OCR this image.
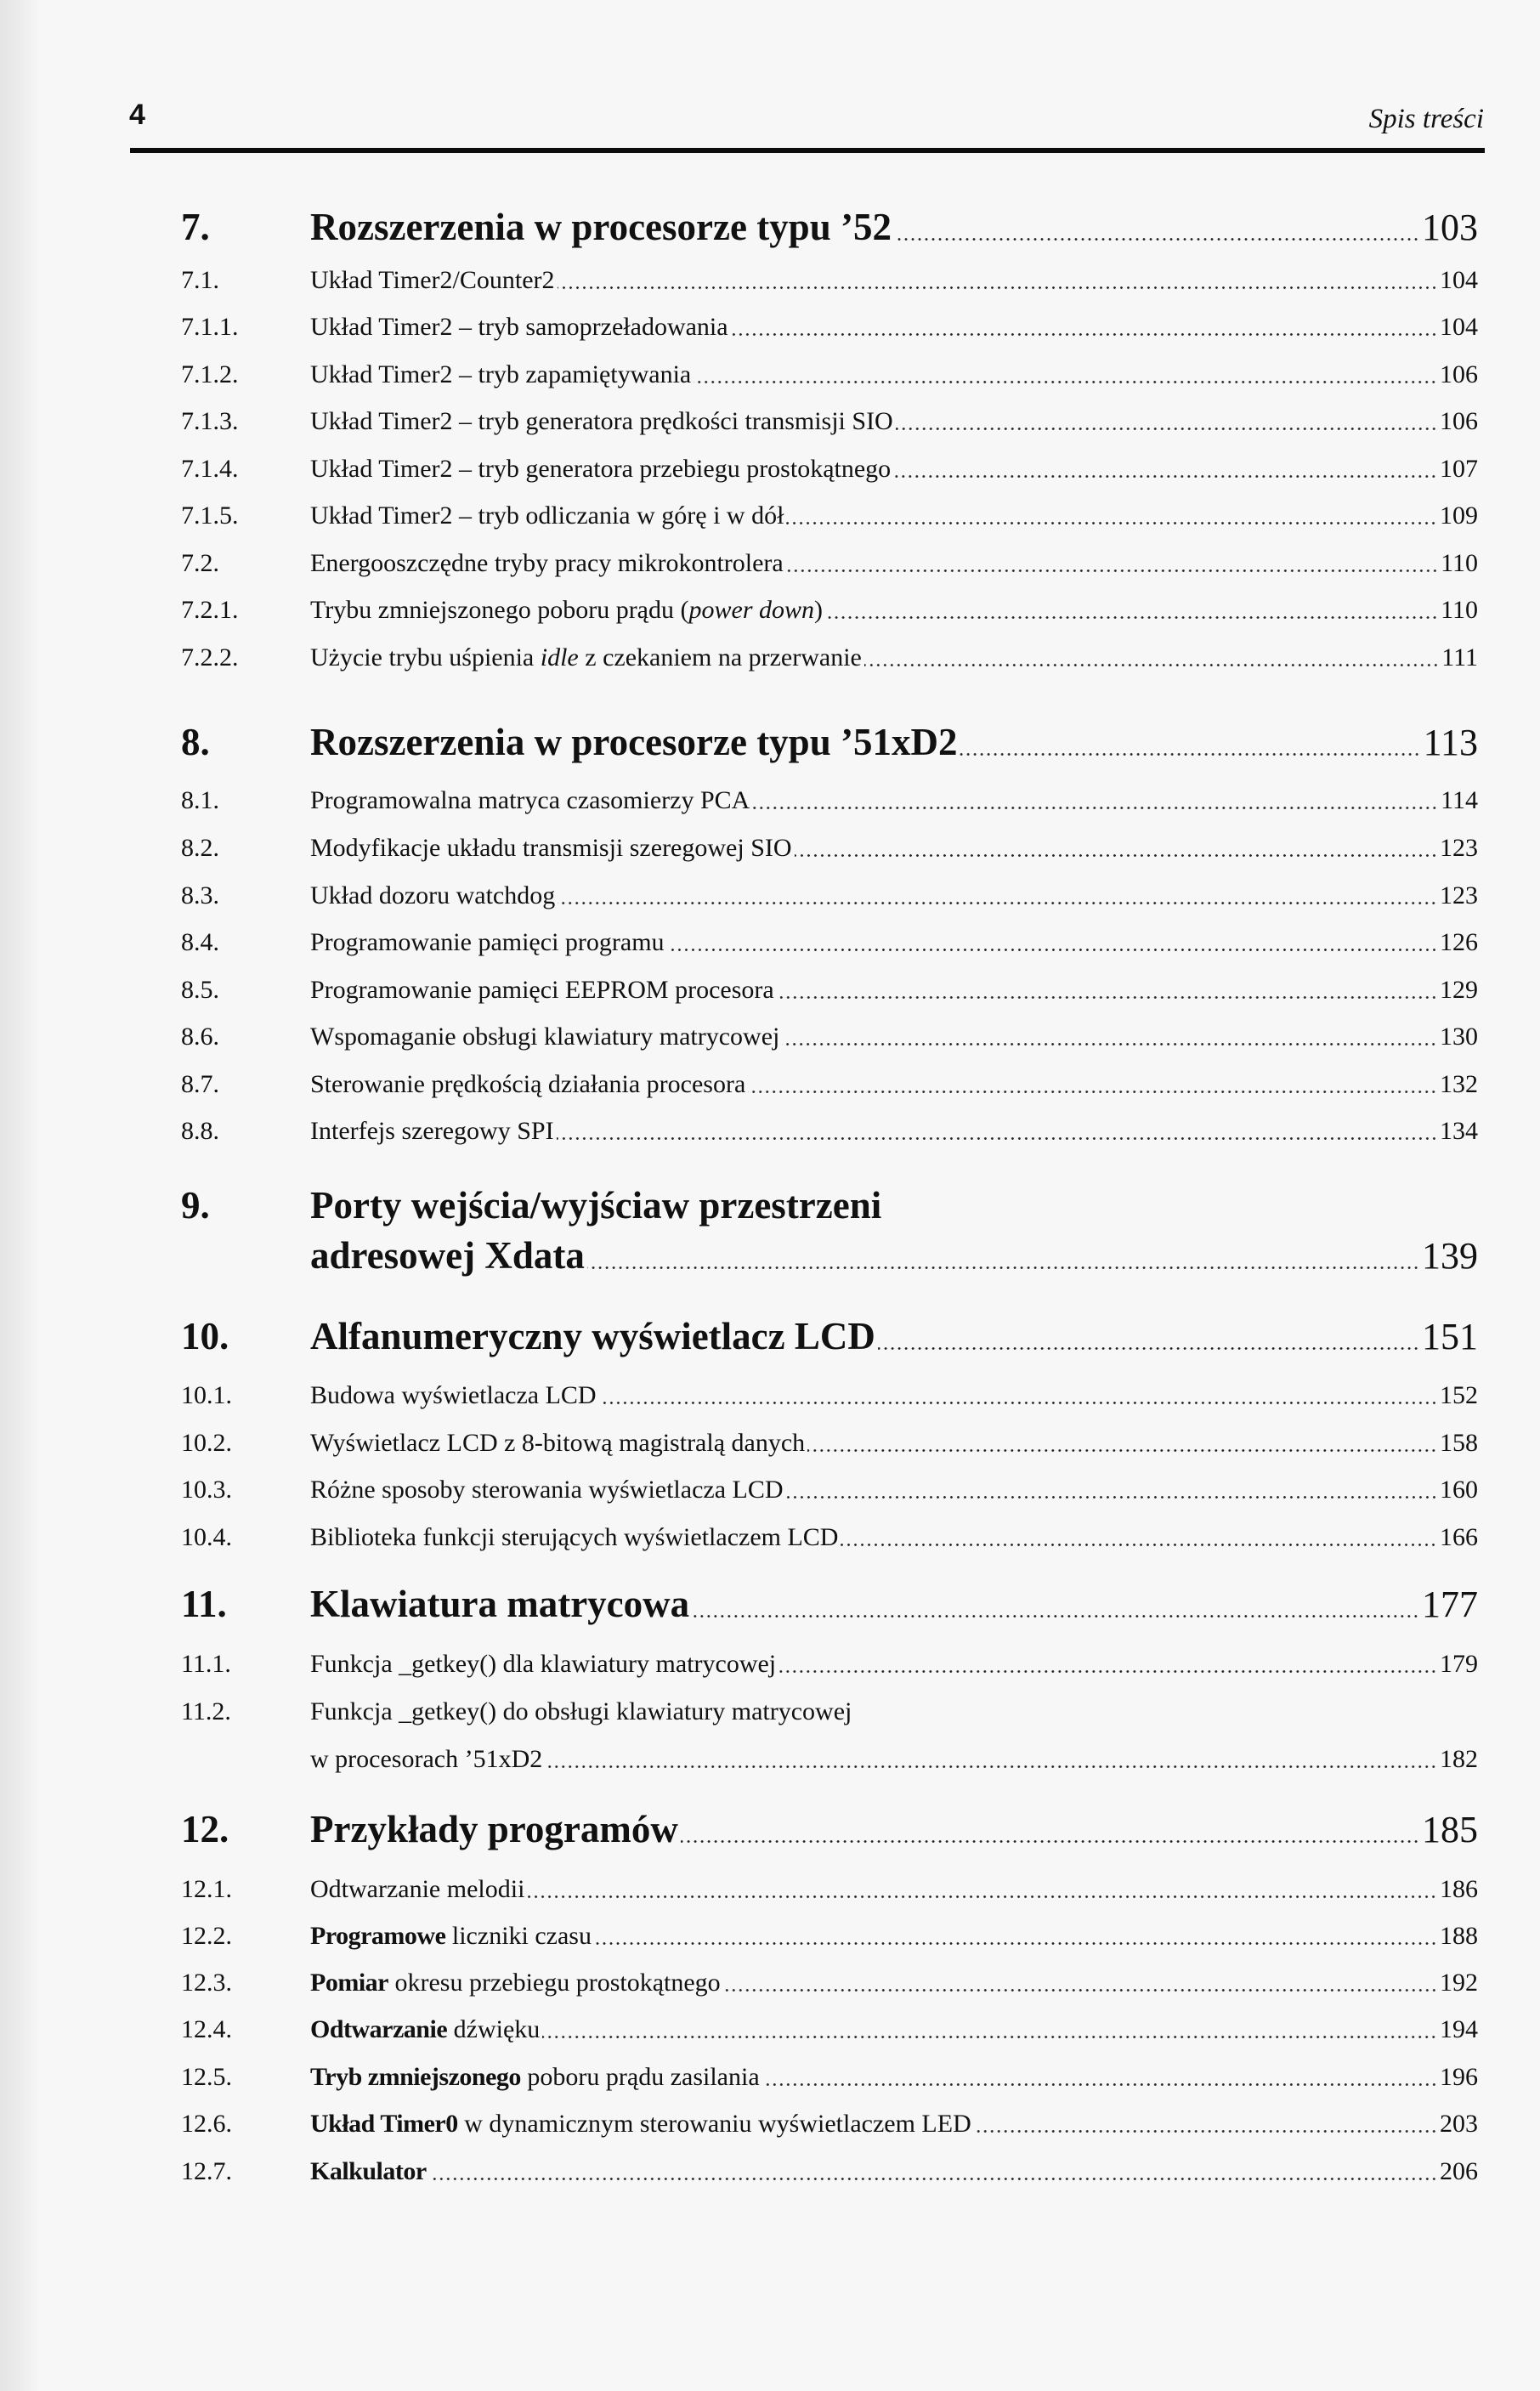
4	Spis treści
7.	Rozszerzenia w procesorze typu ’52	103
7.1.	Układ Timer2/Counter2	104
7.1.1.	Układ Timer2 – tryb samoprzeładowania	104
7.1.2.	Układ Timer2 – tryb zapamiętywania	106
7.1.3.	Układ Timer2 – tryb generatora prędkości transmisji SIO	106
7.1.4.	Układ Timer2 – tryb generatora przebiegu prostokątnego	107
7.1.5.	Układ Timer2 – tryb odliczania w górę i w dół	109
7.2.	Energooszczędne tryby pracy mikrokontrolera	110
7.2.1.	Trybu zmniejszonego poboru prądu (power down)	110
7.2.2.	Użycie trybu uśpienia idle z czekaniem na przerwanie	111
8.	Rozszerzenia w procesorze typu ’51xD2	113
8.1.	Programowalna matryca czasomierzy PCA	114
8.2.	Modyfikacje układu transmisji szeregowej SIO	123
8.3.	Układ dozoru watchdog	123
8.4.	Programowanie pamięci programu	126
8.5.	Programowanie pamięci EEPROM procesora	129
8.6.	Wspomaganie obsługi klawiatury matrycowej	130
8.7.	Sterowanie prędkością działania procesora	132
8.8.	Interfejs szeregowy SPI	134
9.	Porty wejścia/wyjściaw przestrzeni
adresowej Xdata	139
10.	Alfanumeryczny wyświetlacz LCD	151
10.1.	Budowa wyświetlacza LCD	152
10.2.	Wyświetlacz LCD z 8-bitową magistralą danych	158
10.3.	Różne sposoby sterowania wyświetlacza LCD	160
10.4.	Biblioteka funkcji sterujących wyświetlaczem LCD	166
11.	Klawiatura matrycowa	177
11.1.	Funkcja _getkey() dla klawiatury matrycowej	179
11.2.	Funkcja _getkey() do obsługi klawiatury matrycowej
w procesorach ’51xD2	182
12.	Przykłady programów	185
12.1.	Odtwarzanie melodii	186
12.2.	Programowe liczniki czasu	188
12.3.	Pomiar okresu przebiegu prostokątnego	192
12.4.	Odtwarzanie dźwięku	194
12.5.	Tryb zmniejszonego poboru prądu zasilania	196
12.6.	Układ Timer0 w dynamicznym sterowaniu wyświetlaczem LED	203
12.7.	Kalkulator	206
